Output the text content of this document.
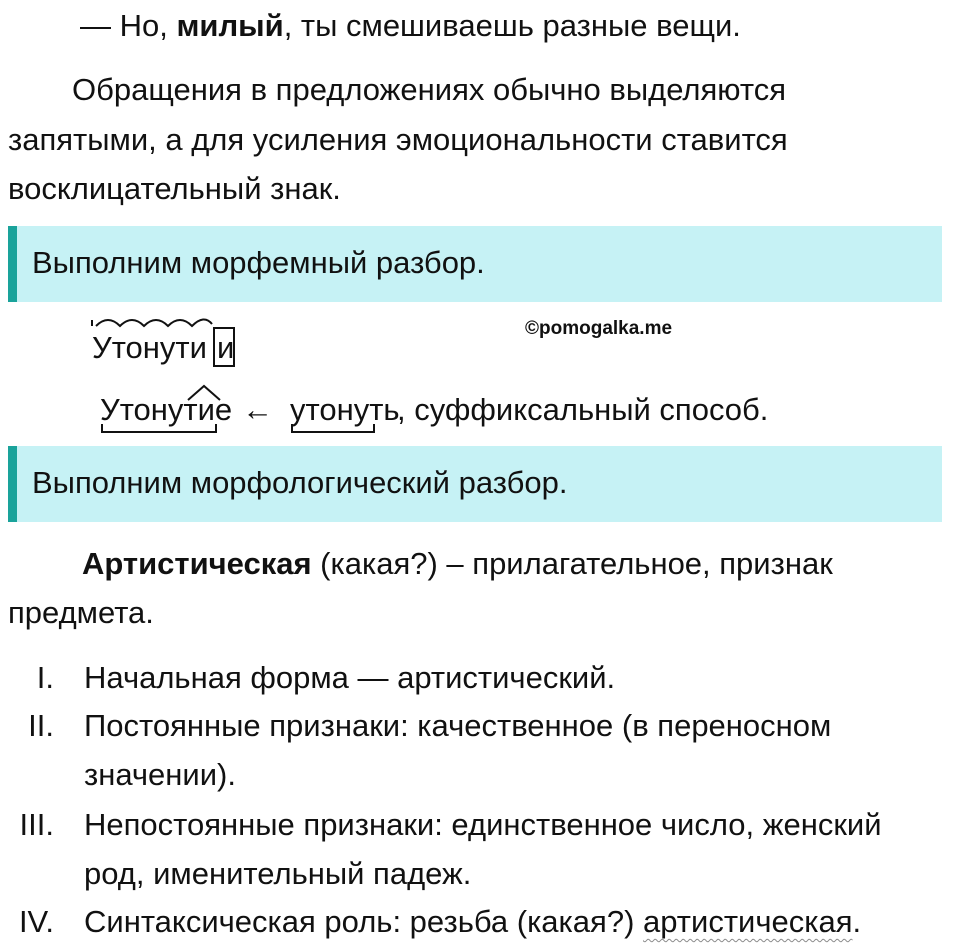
— Но, милый, ты смешиваешь разные вещи.
Обращения в предложениях обычно выделяются
запятыми, а для усиления эмоциональности ставится
восклицательный знак.
Выполним морфемный разбор.
©pomogalka.me
Утонути и
Утонутие ← утонуть
, суффиксальный способ.
Выполним морфологический разбор.
Артистическая (какая?) – прилагательное, признак
предмета.
I. Начальная форма — артистический.
II. Постоянные признаки: качественное (в переносном
значении).
III. Непостоянные признаки: единственное число, женский
род, именительный падеж.
IV. Синтаксическая роль: резьба (какая?) артистическая.
